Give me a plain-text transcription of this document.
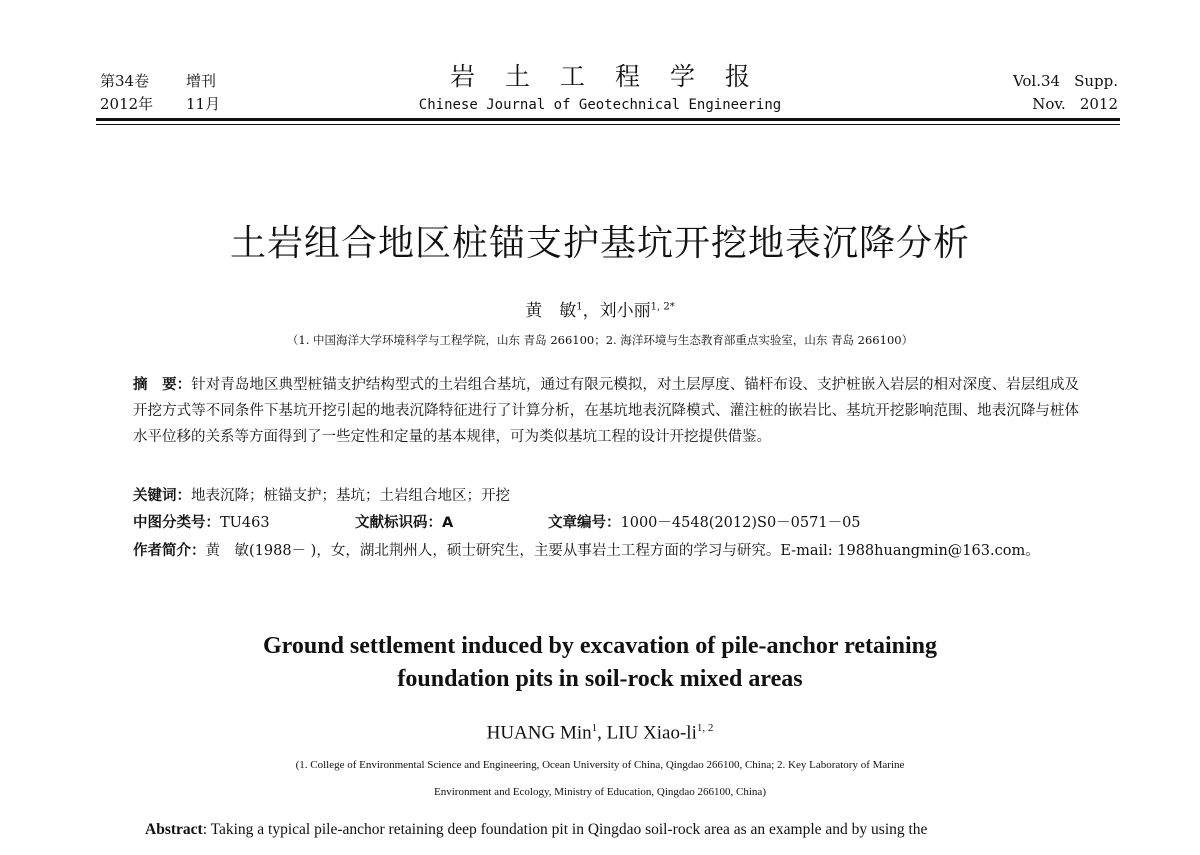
第34卷 增刊
2012年 11月
岩土工程学报
Chinese Journal of Geotechnical Engineering
Vol.34 Supp.
Nov. 2012
土岩组合地区桩锚支护基坑开挖地表沉降分析
黄　敏$^1$，刘小丽$^{1, 2*}$
（1. 中国海洋大学环境科学与工程学院，山东 青岛 266100；2. 海洋环境与生态教育部重点实验室，山东 青岛 266100）
摘　要：针对青岛地区典型桩锚支护结构型式的土岩组合基坑，通过有限元模拟，对土层厚度、锚杆布设、支护桩嵌入岩层的相对深度、岩层组成及开挖方式等不同条件下基坑开挖引起的地表沉降特征进行了计算分析，在基坑地表沉降模式、灌注桩的嵌岩比、基坑开挖影响范围、地表沉降与桩体水平位移的关系等方面得到了一些定性和定量的基本规律，可为类似基坑工程的设计开挖提供借鉴。
关键词：地表沉降；桩锚支护；基坑；土岩组合地区；开挖
中图分类号：TU463	文献标识码：A	文章编号：1000－4548(2012)S0－0571－05
作者简介：黄　敏(1988－ )，女，湖北荆州人，硕士研究生，主要从事岩土工程方面的学习与研究。E-mail: 1988huangmin@163.com。
Ground settlement induced by excavation of pile-anchor retaining
foundation pits in soil-rock mixed areas
HUANG Min$^1$, LIU Xiao-li$^{1, 2}$
(1. College of Environmental Science and Engineering, Ocean University of China, Qingdao 266100, China; 2. Key Laboratory of Marine
Environment and Ecology, Ministry of Education, Qingdao 266100, China)
Abstract: Taking a typical pile-anchor retaining deep foundation pit in Qingdao soil-rock area as an example and by using the
